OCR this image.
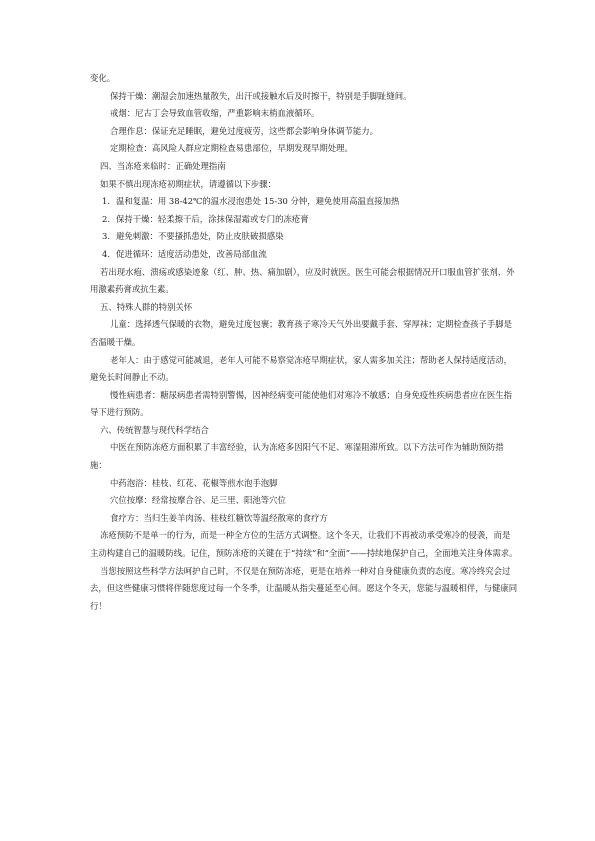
变化。
保持干燥：潮湿会加速热量散失，出汗或接触水后及时擦干，特别是手脚趾缝间。
戒烟：尼古丁会导致血管收缩，严重影响末梢血液循环。
合理作息：保证充足睡眠，避免过度疲劳，这些都会影响身体调节能力。
定期检查：高风险人群应定期检查易患部位，早期发现早期处理。
四、当冻疮来临时：正确处理指南
如果不慎出现冻疮初期症状，请遵循以下步骤：
1. 温和复温：用 38-42℃的温水浸泡患处 15-30 分钟，避免使用高温直接加热
2. 保持干燥：轻柔擦干后，涂抹保湿霜或专门的冻疮膏
3. 避免刺激：不要搔抓患处，防止皮肤破损感染
4. 促进循环：适度活动患处，改善局部血流
若出现水疱、溃疡或感染迹象（红、肿、热、痛加剧），应及时就医。医生可能会根据情况开口服血管扩张剂、外用激素药膏或抗生素。
五、特殊人群的特别关怀
儿童：选择透气保暖的衣物，避免过度包裹；教育孩子寒冷天气外出要戴手套、穿厚袜；定期检查孩子手脚是否温暖干燥。
老年人：由于感觉可能减退，老年人可能不易察觉冻疮早期症状，家人需多加关注；帮助老人保持适度活动，避免长时间静止不动。
慢性病患者：糖尿病患者需特别警惕，因神经病变可能使他们对寒冷不敏感；自身免疫性疾病患者应在医生指导下进行预防。
六、传统智慧与现代科学结合
中医在预防冻疮方面积累了丰富经验，认为冻疮多因阳气不足、寒湿阻滞所致。以下方法可作为辅助预防措施：
中药泡浴：桂枝、红花、花椒等煎水泡手泡脚
穴位按摩：经常按摩合谷、足三里、阳池等穴位
食疗方：当归生姜羊肉汤、桂枝红糖饮等温经散寒的食疗方
冻疮预防不是单一的行为，而是一种全方位的生活方式调整。这个冬天，让我们不再被动承受寒冷的侵袭，而是主动构建自己的温暖防线。记住，预防冻疮的关键在于“持续”和“全面”——持续地保护自己，全面地关注身体需求。
当您按照这些科学方法呵护自己时，不仅是在预防冻疮，更是在培养一种对自身健康负责的态度。寒冷终究会过去，但这些健康习惯将伴随您度过每一个冬季，让温暖从指尖蔓延至心间。愿这个冬天，您能与温暖相伴，与健康同行！
